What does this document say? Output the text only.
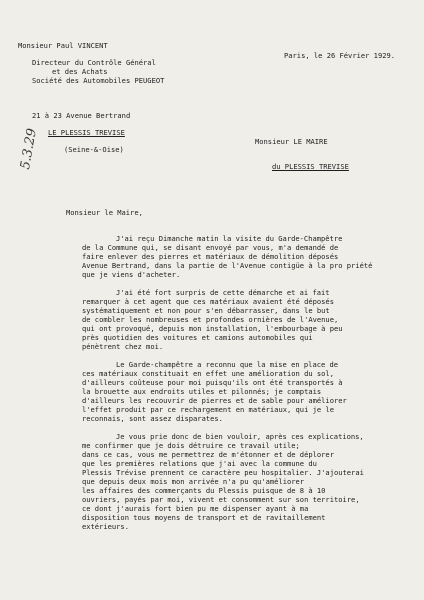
Monsieur Paul VINCENT
Directeur du Contrôle Général
et des Achats
Société des Automobiles PEUGEOT
21 à 23 Avenue Bertrand
LE PLESSIS TREVISE
(Seine-&-Oise)
Paris, le 26 Février 1929.
Monsieur LE MAIRE
du PLESSIS TREVISE
5.3.29
Monsieur le Maire,
J'ai reçu Dimanche matin la visite du Garde-Champêtre
de la Commune qui, se disant envoyé par vous, m'a demandé de
faire enlever des pierres et matériaux de démolition déposés
Avenue Bertrand, dans la partie de l'Avenue contigüe à la pro priété
que je viens d'acheter.
J'ai été fort surpris de cette démarche et ai fait
remarquer à cet agent que ces matériaux avaient été déposés
systématiquement et non pour s'en débarrasser, dans le but
de combler les nombreuses et profondes ornières de l'Avenue,
qui ont provoqué, depuis mon installation, l'embourbage à peu
près quotidien des voitures et camions automobiles qui
pénètrent chez moi.
Le Garde-champêtre a reconnu que la mise en place de
ces matériaux constituait en effet une amélioration du sol,
d'ailleurs coûteuse pour moi puisqu'ils ont été transportés à
la brouette aux endroits utiles et pilonnés; je comptais
d'ailleurs les recouvrir de pierres et de sable pour améliorer
l'effet produit par ce rechargement en matériaux, qui je le
reconnais, sont assez disparates.
Je vous prie donc de bien vouloir, après ces explications,
me confirmer que je dois détruire ce travail utile;
dans ce cas, vous me permettrez de m'étonner et de déplorer
que les premières relations que j'ai avec la commune du
Plessis Trévise prennent ce caractère peu hospitalier. J'ajouterai
que depuis deux mois mon arrivée n'a pu qu'améliorer
les affaires des commerçants du Plessis puisque de 8 à 10
ouvriers, payés par moi, vivent et consomment sur son territoire,
ce dont j'aurais fort bien pu me dispenser ayant à ma
disposition tous moyens de transport et de ravitaillement
extérieurs.
